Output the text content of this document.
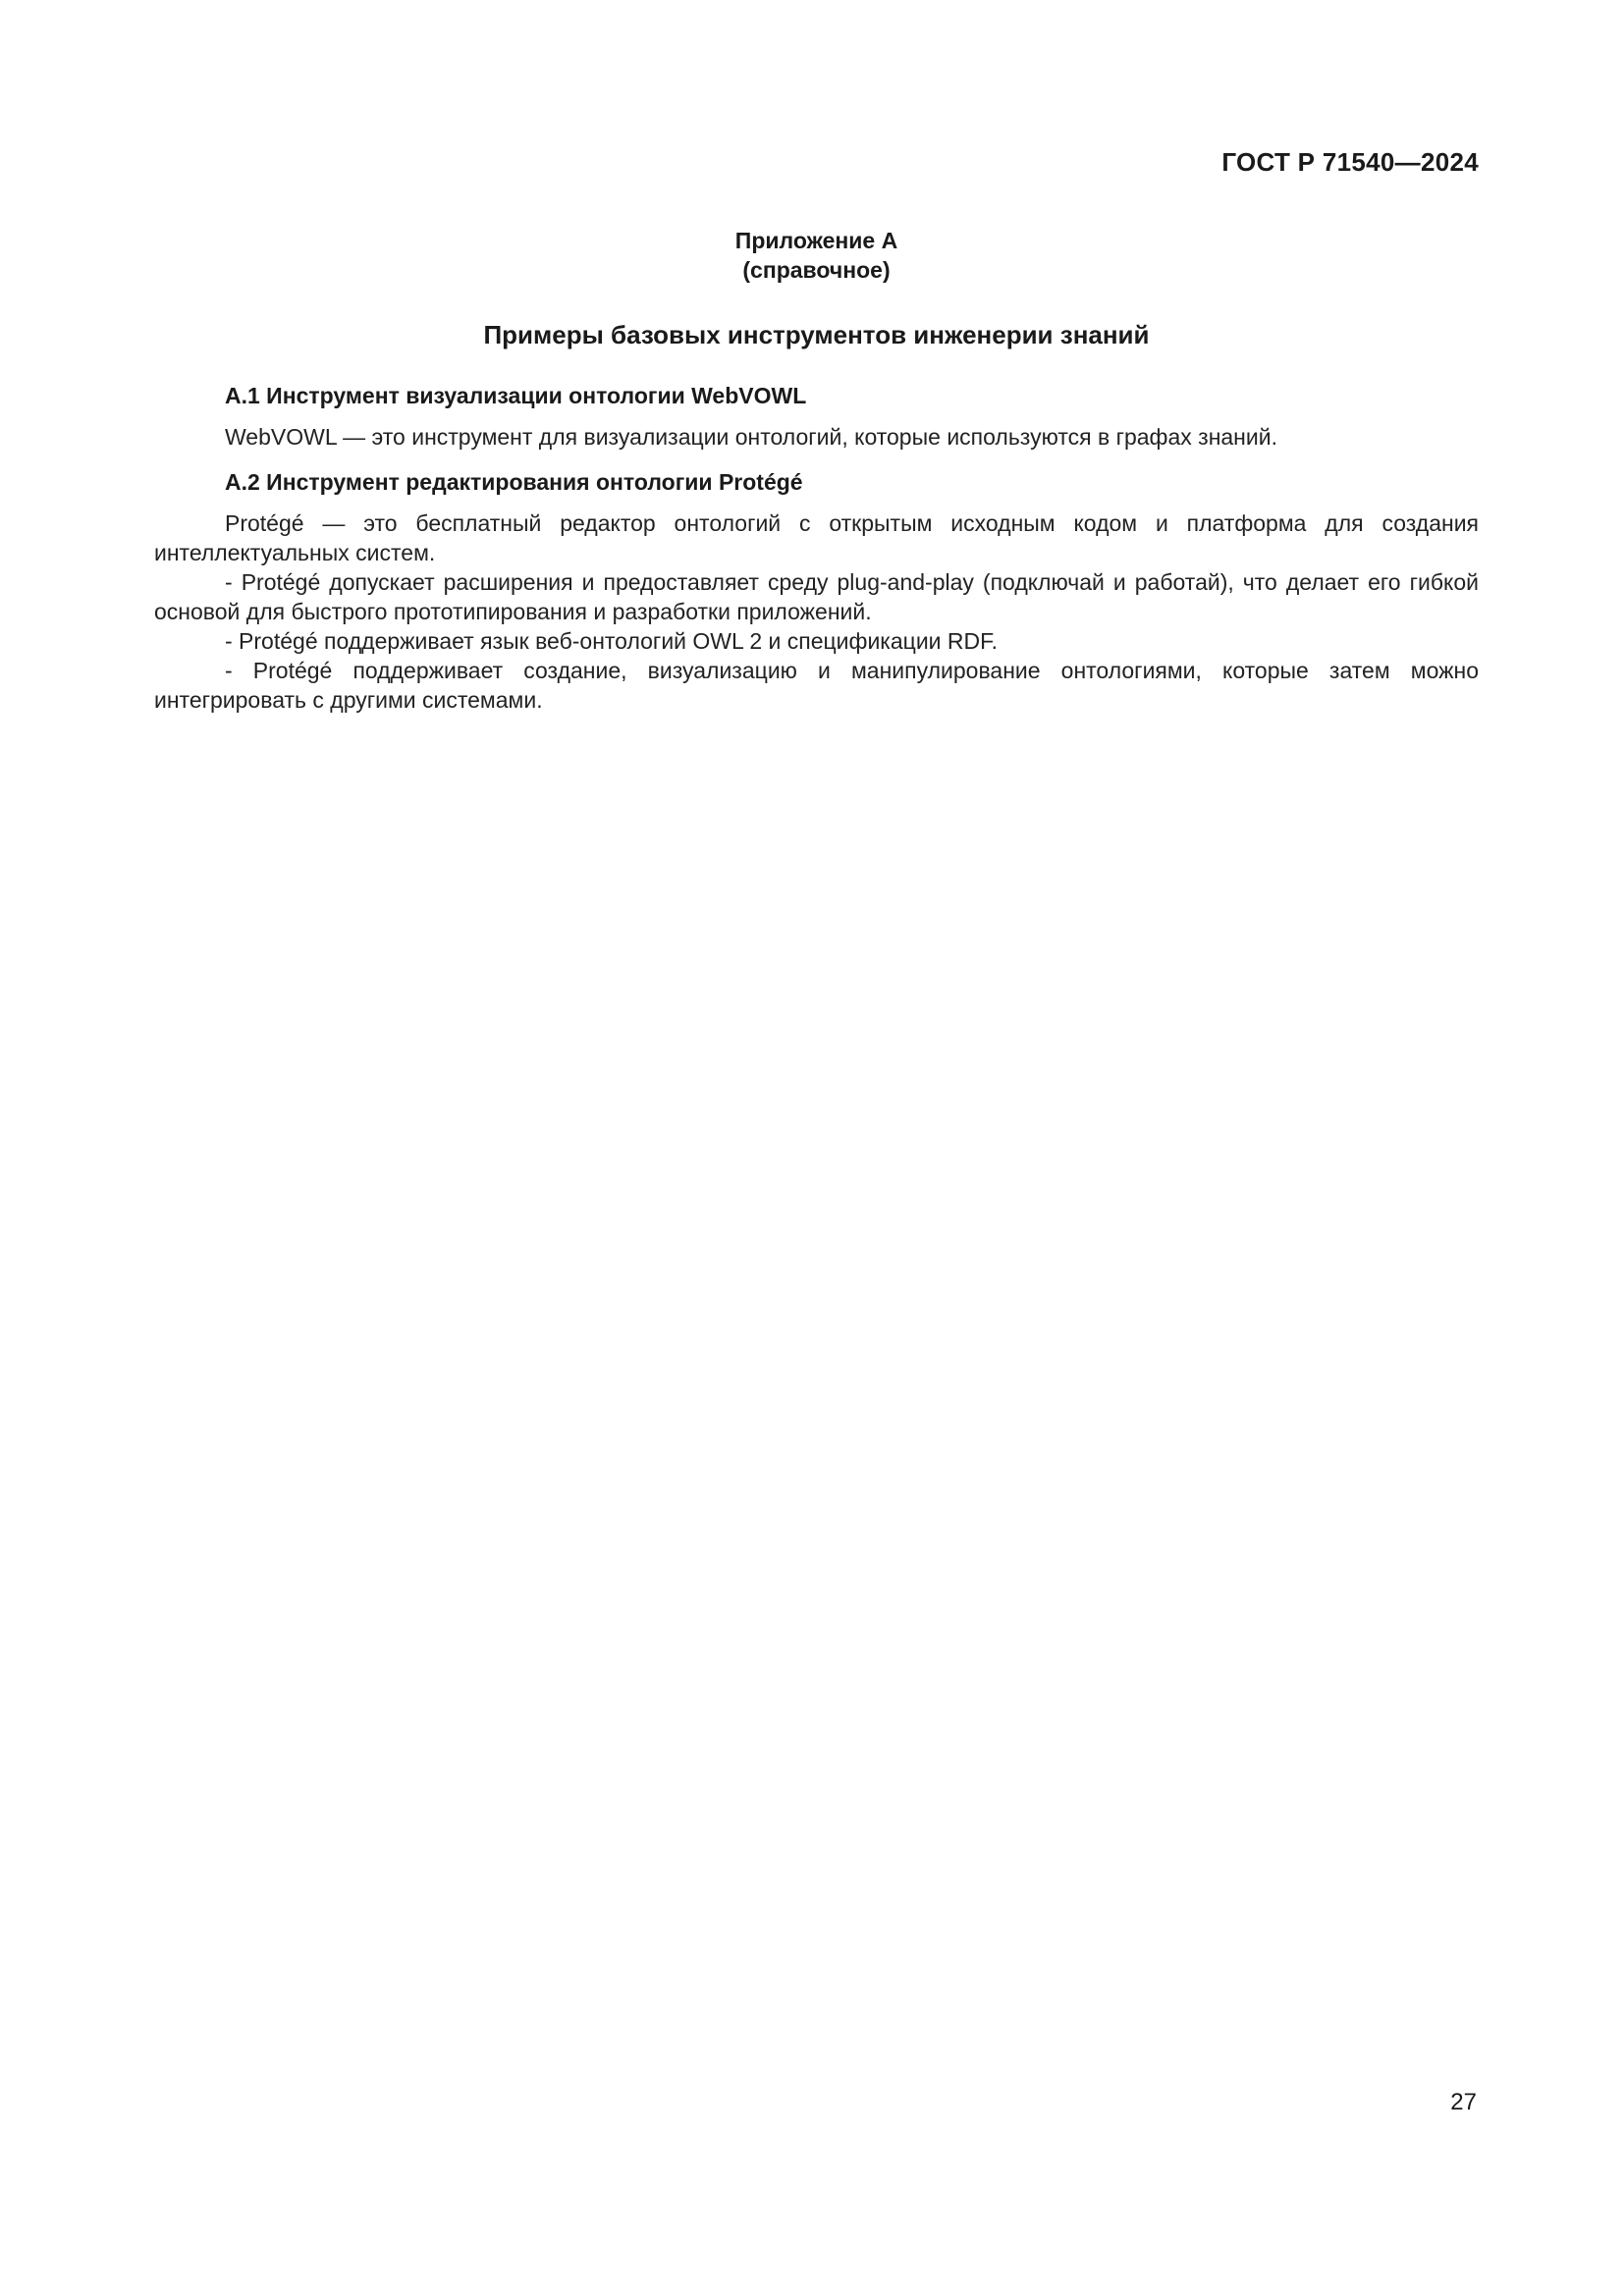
ГОСТ Р 71540—2024

Приложение А

(справочное)

Примеры базовых инструментов инженерии знаний

А.1 Инструмент визуализации онтологии WebVOWL

WebVOWL — это инструмент для визуализации онтологий, которые используются в графах знаний.

А.2 Инструмент редактирования онтологии Protégé

Protégé — это бесплатный редактор онтологий с открытым исходным кодом и платформа для создания интеллектуальных систем.

- Protégé допускает расширения и предоставляет среду plug-and-play (подключай и работай), что делает его гибкой основой для быстрого прототипирования и разработки приложений.

- Protégé поддерживает язык веб-онтологий OWL 2 и спецификации RDF.

- Protégé поддерживает создание, визуализацию и манипулирование онтологиями, которые затем можно интегрировать с другими системами.

27
